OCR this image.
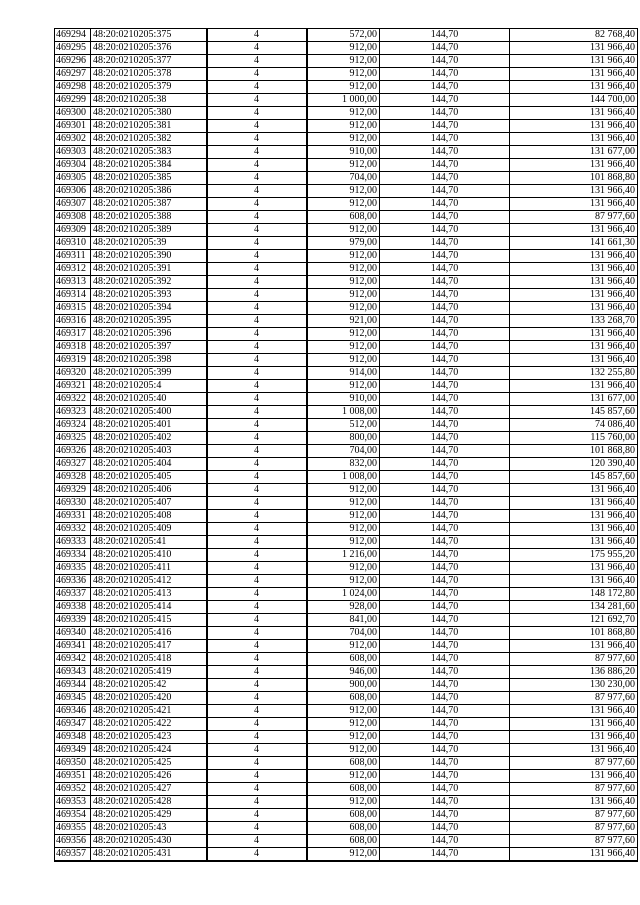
469294	48:20:0210205:375	4	572,00	144,70	82 768,40
469295	48:20:0210205:376	4	912,00	144,70	131 966,40
469296	48:20:0210205:377	4	912,00	144,70	131 966,40
469297	48:20:0210205:378	4	912,00	144,70	131 966,40
469298	48:20:0210205:379	4	912,00	144,70	131 966,40
469299	48:20:0210205:38	4	1 000,00	144,70	144 700,00
469300	48:20:0210205:380	4	912,00	144,70	131 966,40
469301	48:20:0210205:381	4	912,00	144,70	131 966,40
469302	48:20:0210205:382	4	912,00	144,70	131 966,40
469303	48:20:0210205:383	4	910,00	144,70	131 677,00
469304	48:20:0210205:384	4	912,00	144,70	131 966,40
469305	48:20:0210205:385	4	704,00	144,70	101 868,80
469306	48:20:0210205:386	4	912,00	144,70	131 966,40
469307	48:20:0210205:387	4	912,00	144,70	131 966,40
469308	48:20:0210205:388	4	608,00	144,70	87 977,60
469309	48:20:0210205:389	4	912,00	144,70	131 966,40
469310	48:20:0210205:39	4	979,00	144,70	141 661,30
469311	48:20:0210205:390	4	912,00	144,70	131 966,40
469312	48:20:0210205:391	4	912,00	144,70	131 966,40
469313	48:20:0210205:392	4	912,00	144,70	131 966,40
469314	48:20:0210205:393	4	912,00	144,70	131 966,40
469315	48:20:0210205:394	4	912,00	144,70	131 966,40
469316	48:20:0210205:395	4	921,00	144,70	133 268,70
469317	48:20:0210205:396	4	912,00	144,70	131 966,40
469318	48:20:0210205:397	4	912,00	144,70	131 966,40
469319	48:20:0210205:398	4	912,00	144,70	131 966,40
469320	48:20:0210205:399	4	914,00	144,70	132 255,80
469321	48:20:0210205:4	4	912,00	144,70	131 966,40
469322	48:20:0210205:40	4	910,00	144,70	131 677,00
469323	48:20:0210205:400	4	1 008,00	144,70	145 857,60
469324	48:20:0210205:401	4	512,00	144,70	74 086,40
469325	48:20:0210205:402	4	800,00	144,70	115 760,00
469326	48:20:0210205:403	4	704,00	144,70	101 868,80
469327	48:20:0210205:404	4	832,00	144,70	120 390,40
469328	48:20:0210205:405	4	1 008,00	144,70	145 857,60
469329	48:20:0210205:406	4	912,00	144,70	131 966,40
469330	48:20:0210205:407	4	912,00	144,70	131 966,40
469331	48:20:0210205:408	4	912,00	144,70	131 966,40
469332	48:20:0210205:409	4	912,00	144,70	131 966,40
469333	48:20:0210205:41	4	912,00	144,70	131 966,40
469334	48:20:0210205:410	4	1 216,00	144,70	175 955,20
469335	48:20:0210205:411	4	912,00	144,70	131 966,40
469336	48:20:0210205:412	4	912,00	144,70	131 966,40
469337	48:20:0210205:413	4	1 024,00	144,70	148 172,80
469338	48:20:0210205:414	4	928,00	144,70	134 281,60
469339	48:20:0210205:415	4	841,00	144,70	121 692,70
469340	48:20:0210205:416	4	704,00	144,70	101 868,80
469341	48:20:0210205:417	4	912,00	144,70	131 966,40
469342	48:20:0210205:418	4	608,00	144,70	87 977,60
469343	48:20:0210205:419	4	946,00	144,70	136 886,20
469344	48:20:0210205:42	4	900,00	144,70	130 230,00
469345	48:20:0210205:420	4	608,00	144,70	87 977,60
469346	48:20:0210205:421	4	912,00	144,70	131 966,40
469347	48:20:0210205:422	4	912,00	144,70	131 966,40
469348	48:20:0210205:423	4	912,00	144,70	131 966,40
469349	48:20:0210205:424	4	912,00	144,70	131 966,40
469350	48:20:0210205:425	4	608,00	144,70	87 977,60
469351	48:20:0210205:426	4	912,00	144,70	131 966,40
469352	48:20:0210205:427	4	608,00	144,70	87 977,60
469353	48:20:0210205:428	4	912,00	144,70	131 966,40
469354	48:20:0210205:429	4	608,00	144,70	87 977,60
469355	48:20:0210205:43	4	608,00	144,70	87 977,60
469356	48:20:0210205:430	4	608,00	144,70	87 977,60
469357	48:20:0210205:431	4	912,00	144,70	131 966,40
